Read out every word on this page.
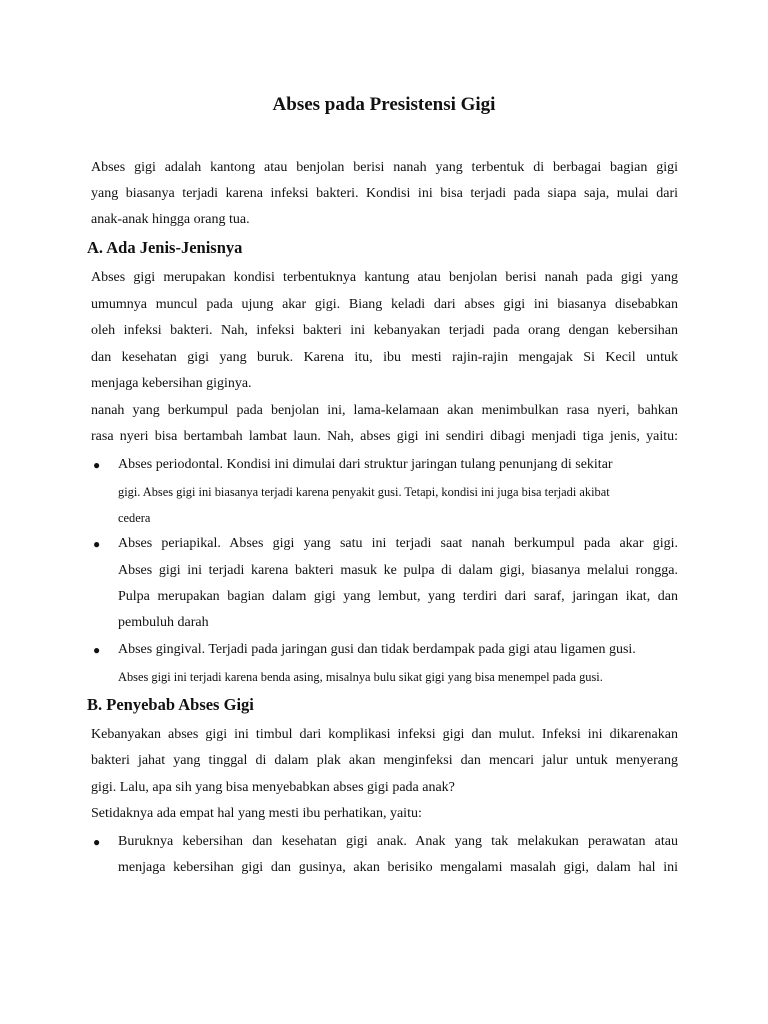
Abses pada Presistensi Gigi

Abses gigi adalah kantong atau benjolan berisi nanah yang terbentuk di berbagai bagian gigi

yang biasanya terjadi karena infeksi bakteri. Kondisi ini bisa terjadi pada siapa saja, mulai dari

anak-anak hingga orang tua.

A. Ada Jenis-Jenisnya

Abses gigi merupakan kondisi terbentuknya kantung atau benjolan berisi nanah pada gigi yang

umumnya muncul pada ujung akar gigi. Biang keladi dari abses gigi ini biasanya disebabkan

oleh infeksi bakteri. Nah, infeksi bakteri ini kebanyakan terjadi pada orang dengan kebersihan

dan kesehatan gigi yang buruk. Karena itu, ibu mesti rajin-rajin mengajak Si Kecil untuk

menjaga kebersihan giginya.

nanah yang berkumpul pada benjolan ini, lama-kelamaan akan menimbulkan rasa nyeri, bahkan

rasa nyeri bisa bertambah lambat laun. Nah, abses gigi ini sendiri dibagi menjadi tiga jenis, yaitu:

● Abses periodontal. Kondisi ini dimulai dari struktur jaringan tulang penunjang di sekitar

gigi. Abses gigi ini biasanya terjadi karena penyakit gusi. Tetapi, kondisi ini juga bisa terjadi akibat

cedera

● Abses periapikal. Abses gigi yang satu ini terjadi saat nanah berkumpul pada akar gigi.

Abses gigi ini terjadi karena bakteri masuk ke pulpa di dalam gigi, biasanya melalui rongga.

Pulpa merupakan bagian dalam gigi yang lembut, yang terdiri dari saraf, jaringan ikat, dan

pembuluh darah

● Abses gingival. Terjadi pada jaringan gusi dan tidak berdampak pada gigi atau ligamen gusi.

Abses gigi ini terjadi karena benda asing, misalnya bulu sikat gigi yang bisa menempel pada gusi.

B. Penyebab Abses Gigi

Kebanyakan abses gigi ini timbul dari komplikasi infeksi gigi dan mulut. Infeksi ini dikarenakan

bakteri jahat yang tinggal di dalam plak akan menginfeksi dan mencari jalur untuk menyerang

gigi. Lalu, apa sih yang bisa menyebabkan abses gigi pada anak?

Setidaknya ada empat hal yang mesti ibu perhatikan, yaitu:

● Buruknya kebersihan dan kesehatan gigi anak. Anak yang tak melakukan perawatan atau

menjaga kebersihan gigi dan gusinya, akan berisiko mengalami masalah gigi, dalam hal ini
